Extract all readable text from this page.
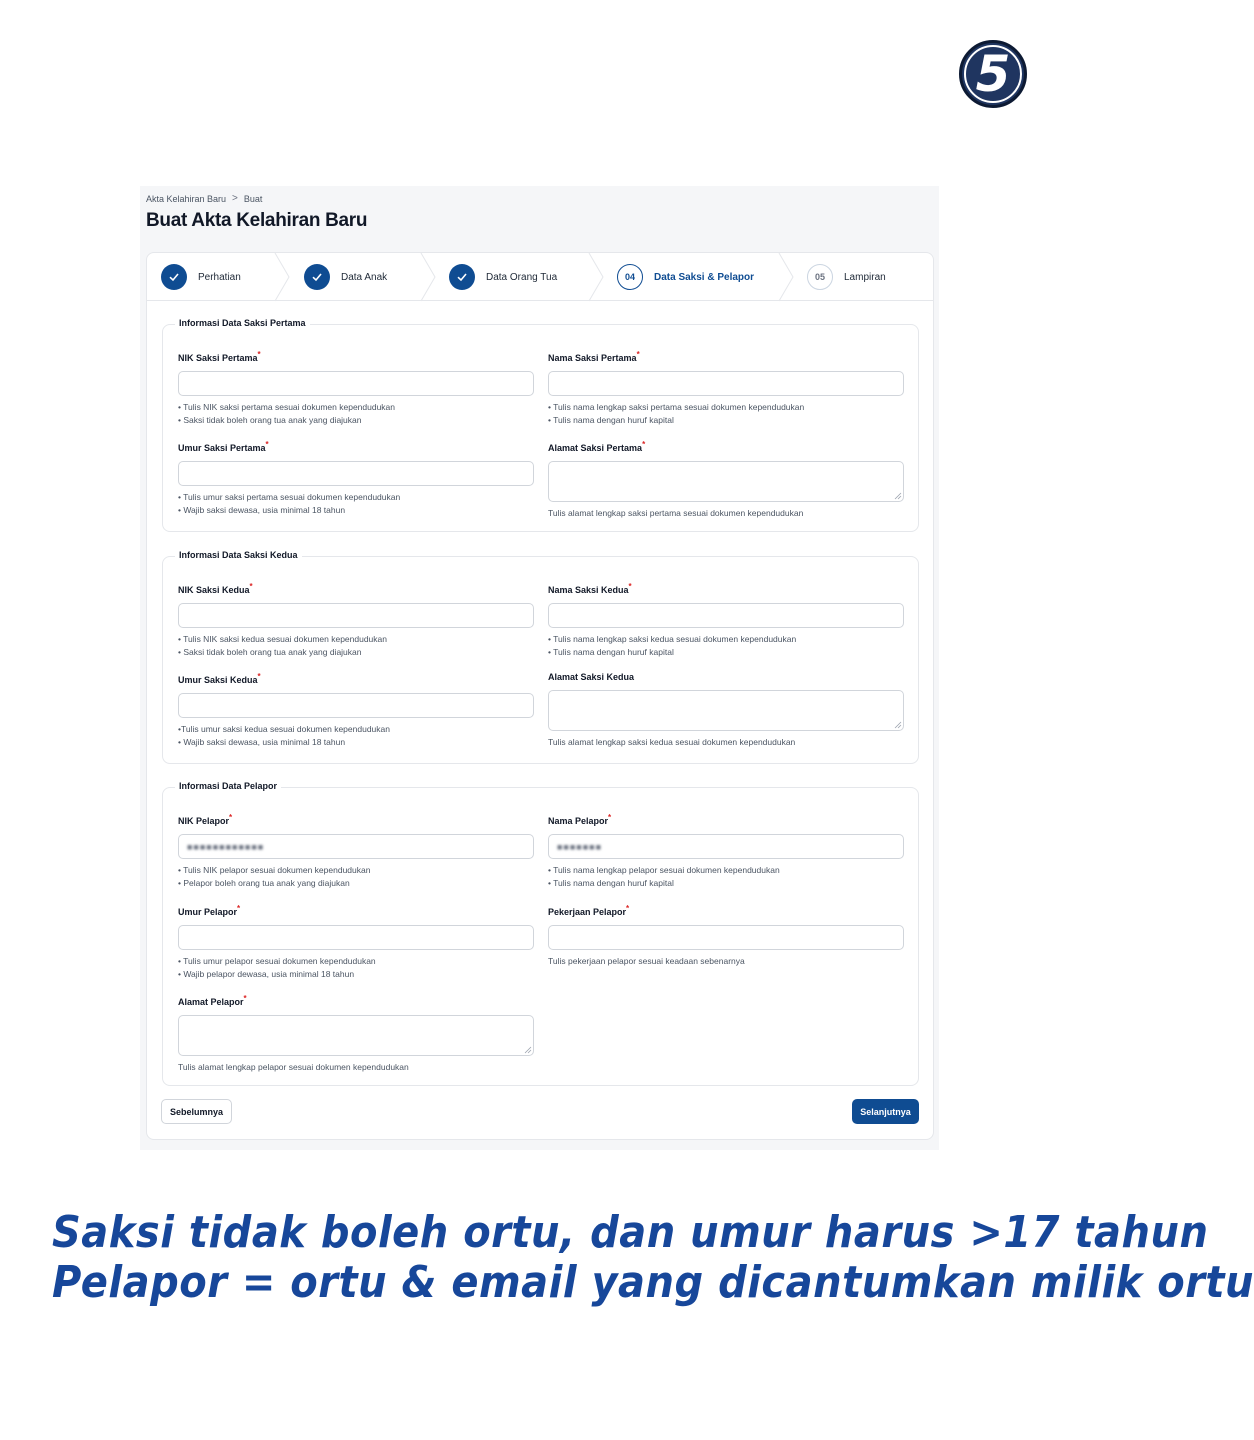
5
Akta Kelahiran Baru > Buat
Buat Akta Kelahiran Baru
Perhatian	Data Anak	Data Orang Tua	04	Data Saksi & Pelapor	05	Lampiran
Informasi Data Saksi Pertama
NIK Saksi Pertama*
• Tulis NIK saksi pertama sesuai dokumen kependudukan
• Saksi tidak boleh orang tua anak yang diajukan
Nama Saksi Pertama*
• Tulis nama lengkap saksi pertama sesuai dokumen kependudukan
• Tulis nama dengan huruf kapital
Umur Saksi Pertama*
• Tulis umur saksi pertama sesuai dokumen kependudukan
• Wajib saksi dewasa, usia minimal 18 tahun
Alamat Saksi Pertama*
Tulis alamat lengkap saksi pertama sesuai dokumen kependudukan
Informasi Data Saksi Kedua
NIK Saksi Kedua*
• Tulis NIK saksi kedua sesuai dokumen kependudukan
• Saksi tidak boleh orang tua anak yang diajukan
Nama Saksi Kedua*
• Tulis nama lengkap saksi kedua sesuai dokumen kependudukan
• Tulis nama dengan huruf kapital
Umur Saksi Kedua*
•Tulis umur saksi kedua sesuai dokumen kependudukan
• Wajib saksi dewasa, usia minimal 18 tahun
Alamat Saksi Kedua
Tulis alamat lengkap saksi kedua sesuai dokumen kependudukan
Informasi Data Pelapor
NIK Pelapor*
■■■■■■■■■■■■
• Tulis NIK pelapor sesuai dokumen kependudukan
• Pelapor boleh orang tua anak yang diajukan
Nama Pelapor*
■■■■■■■
• Tulis nama lengkap pelapor sesuai dokumen kependudukan
• Tulis nama dengan huruf kapital
Umur Pelapor*
• Tulis umur pelapor sesuai dokumen kependudukan
• Wajib pelapor dewasa, usia minimal 18 tahun
Pekerjaan Pelapor*
Tulis pekerjaan pelapor sesuai keadaan sebenarnya
Alamat Pelapor*
Tulis alamat lengkap pelapor sesuai dokumen kependudukan
Sebelumnya	Selanjutnya
Saksi tidak boleh ortu, dan umur harus >17 tahun
Pelapor = ortu & email yang dicantumkan milik ortu
